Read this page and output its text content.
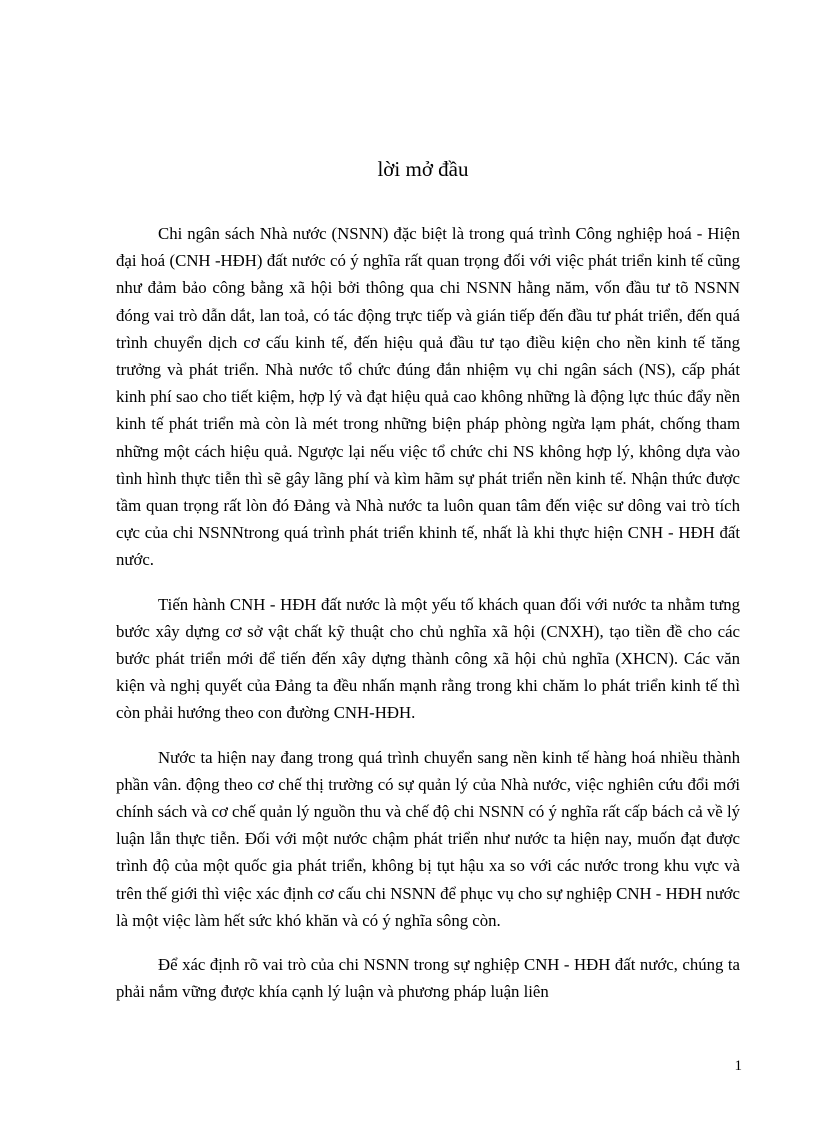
lời mở đầu

Chi ngân sách Nhà nước (NSNN) đặc biệt là trong quá trình Công nghiệp hoá - Hiện đại hoá (CNH -HĐH) đất nước có ý nghĩa rất quan trọng đối với việc phát triển kinh tế cũng như đảm bảo công bằng xã hội bởi thông qua chi NSNN hằng năm, vốn đầu tư tõ NSNN đóng vai trò dẫn dắt, lan toả, có tác động trực tiếp và gián tiếp đến đầu tư phát triển, đến quá trình chuyển dịch cơ cấu kinh tế, đến hiệu quả đầu tư tạo điều kiện cho nền kinh tế tăng trưởng và phát triển. Nhà nước tổ chức đúng đắn nhiệm vụ chi ngân sách (NS), cấp phát kinh phí sao cho tiết kiệm, hợp lý và đạt hiệu quả cao không những là động lực thúc đẩy nền kinh tế phát triển mà còn là mét trong những biện pháp phòng ngừa lạm phát, chống tham những một cách hiệu quả. Ngược lại nếu việc tổ chức chi NS không hợp lý, không dựa vào tình hình thực tiễn thì sẽ gây lãng phí và kìm hãm sự phát triển nền kinh tế. Nhận thức được tầm quan trọng rất lòn đó Đảng và Nhà nước ta luôn quan tâm đến việc sư dông vai trò tích cực của chi NSNNtrong quá trình phát triển khinh tế, nhất là khi thực hiện CNH - HĐH đất nước.

Tiến hành CNH - HĐH đất nước là một yếu tố khách quan đối với nước ta nhằm tưng bước xây dựng cơ sở vật chất kỹ thuật cho chủ nghĩa xã hội (CNXH), tạo tiền đề cho các bước phát triển mới để tiến đến xây dựng thành công xã hội chủ nghĩa (XHCN). Các văn kiện và nghị quyết của Đảng ta đều nhấn mạnh rằng trong khi chăm lo phát triển kinh tế thì còn phải hướng theo con đường CNH-HĐH.

Nước ta hiện nay đang trong quá trình chuyển sang nền kinh tế hàng hoá nhiều thành phần vân. động theo cơ chế thị trường có sự quản lý của Nhà nước, việc nghiên cứu đổi mới chính sách và cơ chế quản lý nguồn thu và chế độ chi NSNN có ý nghĩa rất cấp bách cả về lý luận lẫn thực tiễn. Đối với một nước chậm phát triển như nước ta hiện nay, muốn đạt được trình độ của một quốc gia phát triển, không bị tụt hậu xa so với các nước trong khu vực và trên thế giới thì việc xác định cơ cấu chi NSNN để phục vụ cho sự nghiệp CNH - HĐH nước là một việc làm hết sức khó khăn và có ý nghĩa sông còn.

Để xác định rõ vai trò của chi NSNN trong sự nghiệp CNH - HĐH đất nước, chúng ta phải nắm vững được khía cạnh lý luận và phương pháp luận liên

1
